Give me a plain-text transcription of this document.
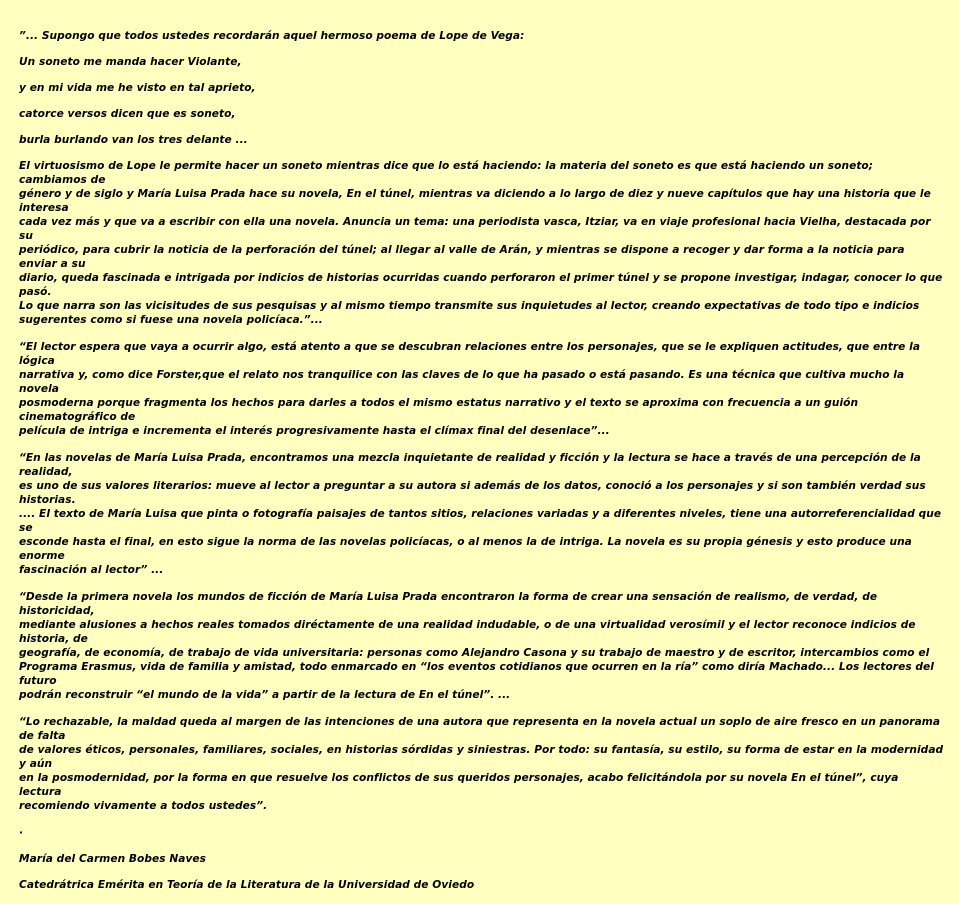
”... Supongo que todos ustedes recordarán aquel hermoso poema de Lope de Vega:
Un soneto me manda hacer Violante,
y en mi vida me he visto en tal aprieto,
catorce versos dicen que es soneto,
burla burlando van los tres delante ...
El virtuosismo de Lope le permite hacer un soneto mientras dice que lo está haciendo: la materia del soneto es que está haciendo un soneto; cambiamos de
género y de siglo y María Luisa Prada hace su novela, En el túnel, mientras va diciendo a lo largo de diez y nueve capítulos que hay una historia que le interesa
cada vez más y que va a escribir con ella una novela. Anuncia un tema: una periodista vasca, Itziar, va en viaje profesional hacia Vielha, destacada por su
periódico, para cubrir la noticia de la perforación del túnel; al llegar al valle de Arán, y mientras se dispone a recoger y dar forma a la noticia para enviar a su
diario, queda fascinada e intrigada por indicios de historias ocurridas cuando perforaron el primer túnel y se propone investigar, indagar, conocer lo que pasó.
Lo que narra son las vicisitudes de sus pesquisas y al mismo tiempo transmite sus inquietudes al lector, creando expectativas de todo tipo e indicios
sugerentes como si fuese una novela policíaca.”...
“El lector espera que vaya a ocurrir algo, está atento a que se descubran relaciones entre los personajes, que se le expliquen actitudes, que entre la lógica
narrativa y, como dice Forster,que el relato nos tranquilice con las claves de lo que ha pasado o está pasando. Es una técnica que cultiva mucho la novela
posmoderna porque fragmenta los hechos para darles a todos el mismo estatus narrativo y el texto se aproxima con frecuencia a un guión cinematográfico de
película de intriga e incrementa el interés progresivamente hasta el clímax final del desenlace”...
“En las novelas de María Luisa Prada, encontramos una mezcla inquietante de realidad y ficción y la lectura se hace a través de una percepción de la realidad,
es uno de sus valores literarios: mueve al lector a preguntar a su autora si además de los datos, conoció a los personajes y si son también verdad sus historias.
.... El texto de María Luisa que pinta o fotografía paisajes de tantos sitios, relaciones variadas y a diferentes niveles, tiene una autorreferencialidad que se
esconde hasta el final, en esto sigue la norma de las novelas policíacas, o al menos la de intriga. La novela es su propia génesis y esto produce una enorme
fascinación al lector” ...
“Desde la primera novela los mundos de ficción de María Luisa Prada encontraron la forma de crear una sensación de realismo, de verdad, de historicidad,
mediante alusiones a hechos reales tomados diréctamente de una realidad indudable, o de una virtualidad verosímil y el lector reconoce indicios de historia, de
geografía, de economía, de trabajo de vida universitaria: personas como Alejandro Casona y su trabajo de maestro y de escritor, intercambios como el
Programa Erasmus, vida de familia y amistad, todo enmarcado en “los eventos cotidianos que ocurren en la ría” como diría Machado... Los lectores del futuro
podrán reconstruir “el mundo de la vida” a partir de la lectura de En el túnel”. ...
“Lo rechazable, la maldad queda al margen de las intenciones de una autora que representa en la novela actual un soplo de aire fresco en un panorama de falta
de valores éticos, personales, familiares, sociales, en historias sórdidas y siniestras. Por todo: su fantasía, su estilo, su forma de estar en la modernidad y aún
en la posmodernidad, por la forma en que resuelve los conflictos de sus queridos personajes, acabo felicitándola por su novela En el túnel”, cuya lectura
recomiendo vivamente a todos ustedes”.
·
María del Carmen Bobes Naves
Catedrátrica Emérita en Teoría de la Literatura de la Universidad de Oviedo
